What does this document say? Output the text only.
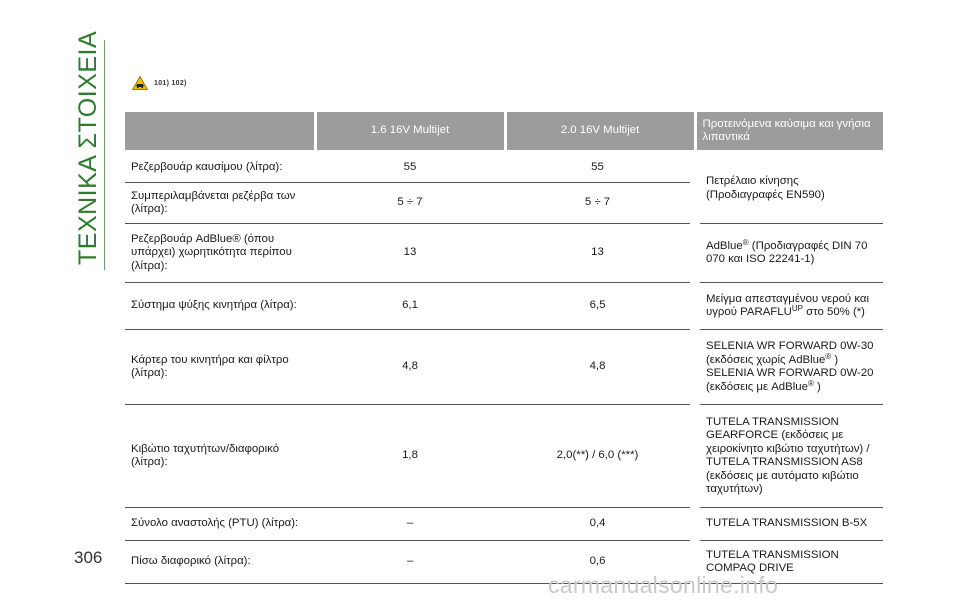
ΤΕΧΝΙΚΑ ΣΤΟΙΧΕΙΑ
306
101) 102)
	1.6 16V Multijet	2.0 16V Multijet	Προτεινόμενα καύσιμα και γνήσια λιπαντικά
Ρεζερβουάρ καυσίμου (λίτρα):	55	55	Πετρέλαιο κίνησης (Προδιαγραφές EN590)
Συμπεριλαμβάνεται ρεζέρβα των (λίτρα):	5 ÷ 7	5 ÷ 7	
Ρεζερβουάρ AdBlue® (όπου υπάρχει) χωρητικότητα περίπου (λίτρα):	13	13	AdBlue® (Προδιαγραφές DIN 70 070 και ISO 22241-1)
Σύστημα ψύξης κινητήρα (λίτρα):	6,1	6,5	Μείγμα απεσταγμένου νερού και υγρού $PARAFLU^{UP}$ στο 50% (*)
Κάρτερ του κινητήρα και φίλτρο (λίτρα):	4,8	4,8	SELENIA WR FORWARD 0W-30 (εκδόσεις χωρίς AdBlue® )
SELENIA WR FORWARD 0W-20 (εκδόσεις με AdBlue® )
Κιβώτιο ταχυτήτων/διαφορικό (λίτρα):	1,8	2,0(**) / 6,0 (***)	TUTELA TRANSMISSION GEARFORCE (εκδόσεις με χειροκίνητο κιβώτιο ταχυτήτων) / TUTELA TRANSMISSION AS8 (εκδόσεις με αυτόματο κιβώτιο ταχυτήτων)
Σύνολο αναστολής (PTU) (λίτρα):	–	0,4	TUTELA TRANSMISSION B-5X
Πίσω διαφορικό (λίτρα):	–	0,6	TUTELA TRANSMISSION COMPAQ DRIVE
carmanualsonline.info
